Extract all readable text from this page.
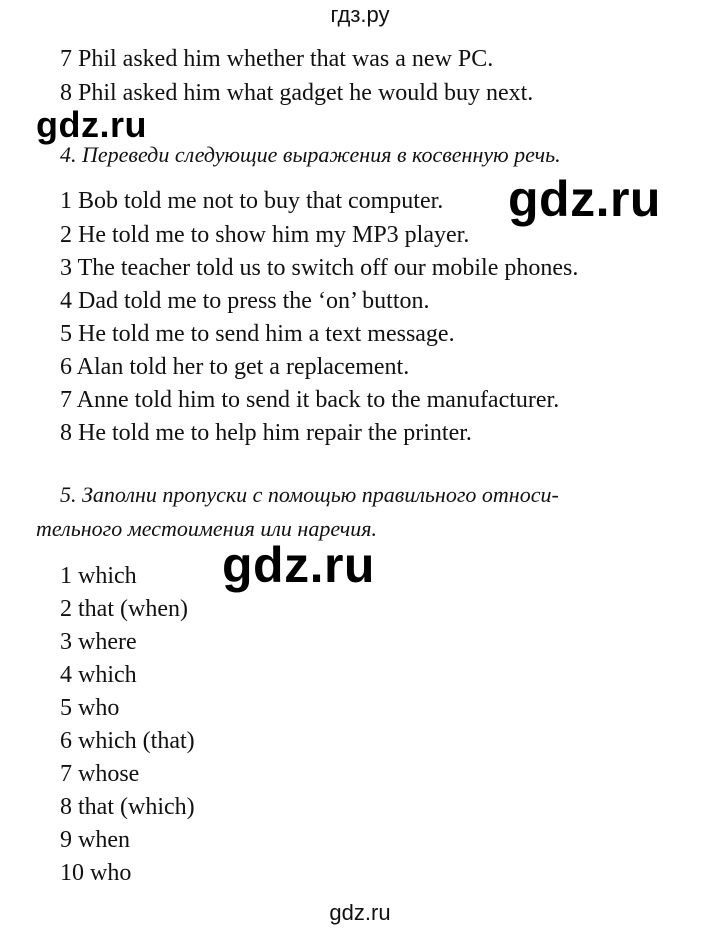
гдз.ру
7 Phil asked him whether that was a new PC.
8 Phil asked him what gadget he would buy next.
gdz.ru
4. Переведи следующие выражения в косвенную речь.
1 Bob told me not to buy that computer.
2 He told me to show him my MP3 player.
3 The teacher told us to switch off our mobile phones.
4 Dad told me to press the ‘on’ button.
5 He told me to send him a text message.
6 Alan told her to get a replacement.
7 Anne told him to send it back to the manufacturer.
8 He told me to help him repair the printer.
gdz.ru
5. Заполни пропуски с помощью правильного относи-
тельного местоимения или наречия.
gdz.ru
1 which
2 that (when)
3 where
4 which
5 who
6 which (that)
7 whose
8 that (which)
9 when
10 who
gdz.ru
